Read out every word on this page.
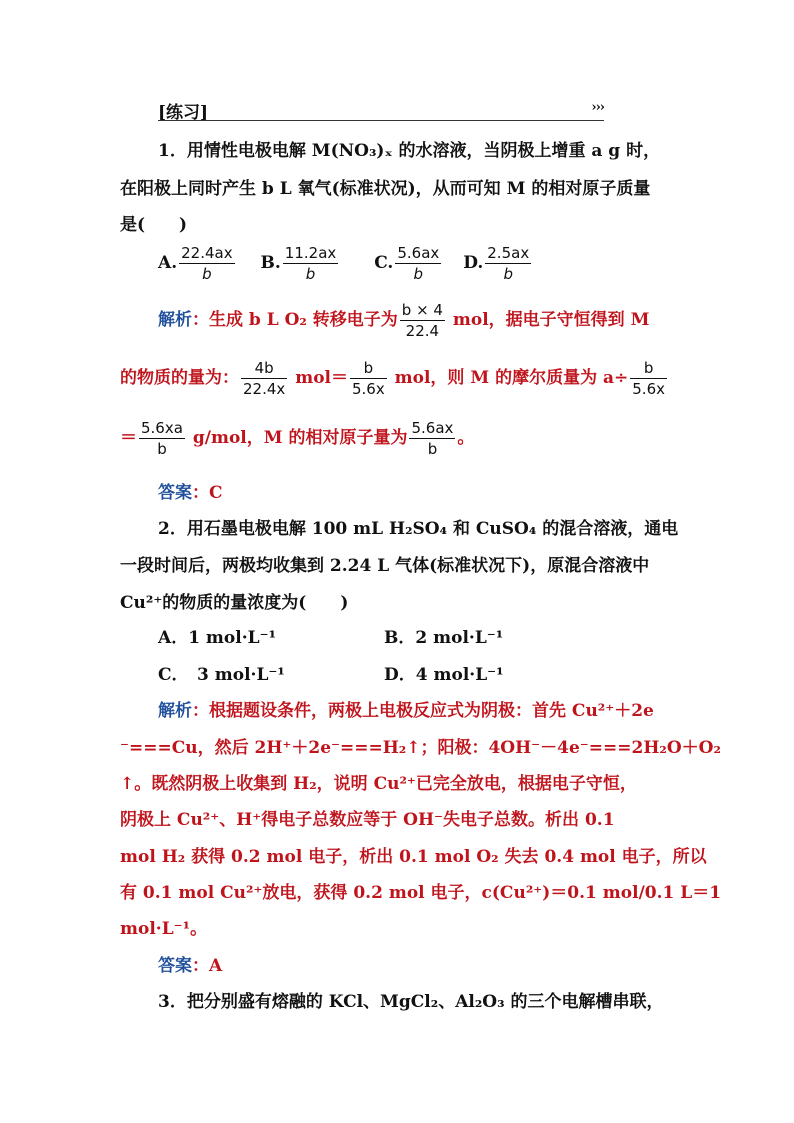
[练习]	›››
1．用情性电极电解 M(NO₃)ₓ 的水溶液，当阴极上增重 a g 时，
在阳极上同时产生 b L 氧气(标准状况)，从而可知 M 的相对原子质量
是(　　)
A. $\frac{22.4ax}{b} B$. $\frac{11.2ax}{b} C$. $\frac{5.6ax}{b} D$. $\frac{2.5ax}{b}$
解析：生成 b L O₂ 转移电子为 $\frac{b \times 4}{22.4}$ mol，据电子守恒得到 M
的物质的量为： $\frac{4b}{22.4x} mol= \frac{b}{5.6x}$ mol，则 M 的摩尔质量为 $a\div \frac{b}{5.6x}$
＝ $\frac{5.6xa}{b} g/mol$，M 的相对原子量为 $\frac{5.6ax}{b}$ 。
答案：C
2．用石墨电极电解 100 mL H₂SO₄ 和 CuSO₄ 的混合溶液，通电
一段时间后，两极均收集到 2.24 L 气体(标准状况下)，原混合溶液中
Cu²⁺的物质的量浓度为(　　)
A．1 mol·L⁻¹	B．2 mol·L⁻¹
C．　3 mol·L⁻¹	D．4 mol·L⁻¹
解析：根据题设条件，两极上电极反应式为阴极：首先 Cu²⁺＋2e
⁻===Cu，然后 2H⁺＋2e⁻===H₂↑；阳极：4OH⁻－4e⁻===2H₂O＋O₂
↑。既然阴极上收集到 H₂，说明 Cu²⁺已完全放电，根据电子守恒，
阴极上 Cu²⁺、H⁺得电子总数应等于 OH⁻失电子总数。析出 0.1
mol H₂ 获得 0.2 mol 电子，析出 0.1 mol O₂ 失去 0.4 mol 电子，所以
有 0.1 mol Cu²⁺放电，获得 0.2 mol 电子，c(Cu²⁺)＝0.1 mol/0.1 L＝1
mol·L⁻¹。
答案：A
3．把分别盛有熔融的 KCl、MgCl₂、Al₂O₃ 的三个电解槽串联，
